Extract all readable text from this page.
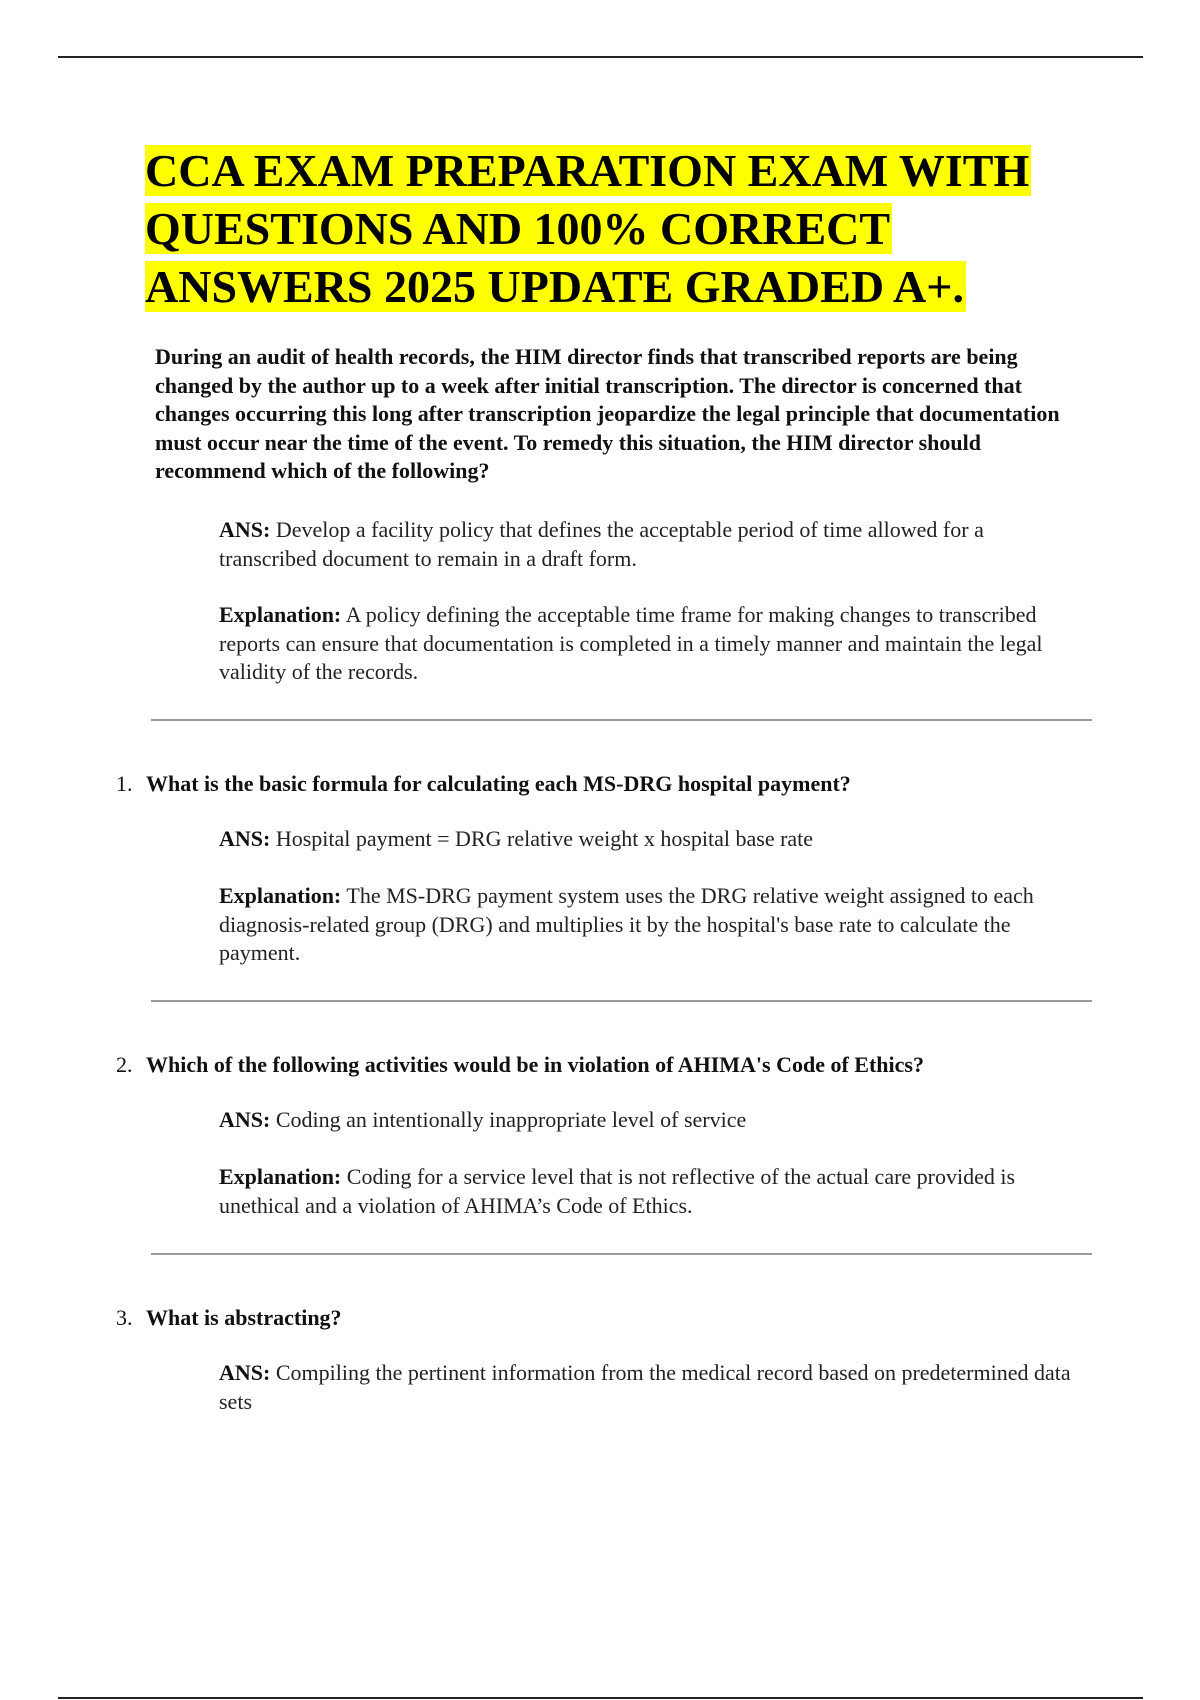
CCA EXAM PREPARATION EXAM WITH
QUESTIONS AND 100% CORRECT
ANSWERS 2025 UPDATE GRADED A+.

During an audit of health records, the HIM director finds that transcribed reports are being changed by the author up to a week after initial transcription. The director is concerned that changes occurring this long after transcription jeopardize the legal principle that documentation must occur near the time of the event. To remedy this situation, the HIM director should recommend which of the following?

ANS: Develop a facility policy that defines the acceptable period of time allowed for a transcribed document to remain in a draft form.

Explanation: A policy defining the acceptable time frame for making changes to transcribed reports can ensure that documentation is completed in a timely manner and maintain the legal validity of the records.

1. What is the basic formula for calculating each MS-DRG hospital payment?

ANS: Hospital payment = DRG relative weight x hospital base rate

Explanation: The MS-DRG payment system uses the DRG relative weight assigned to each diagnosis-related group (DRG) and multiplies it by the hospital's base rate to calculate the payment.

2. Which of the following activities would be in violation of AHIMA's Code of Ethics?

ANS: Coding an intentionally inappropriate level of service

Explanation: Coding for a service level that is not reflective of the actual care provided is unethical and a violation of AHIMA’s Code of Ethics.

3. What is abstracting?

ANS: Compiling the pertinent information from the medical record based on predetermined data sets
